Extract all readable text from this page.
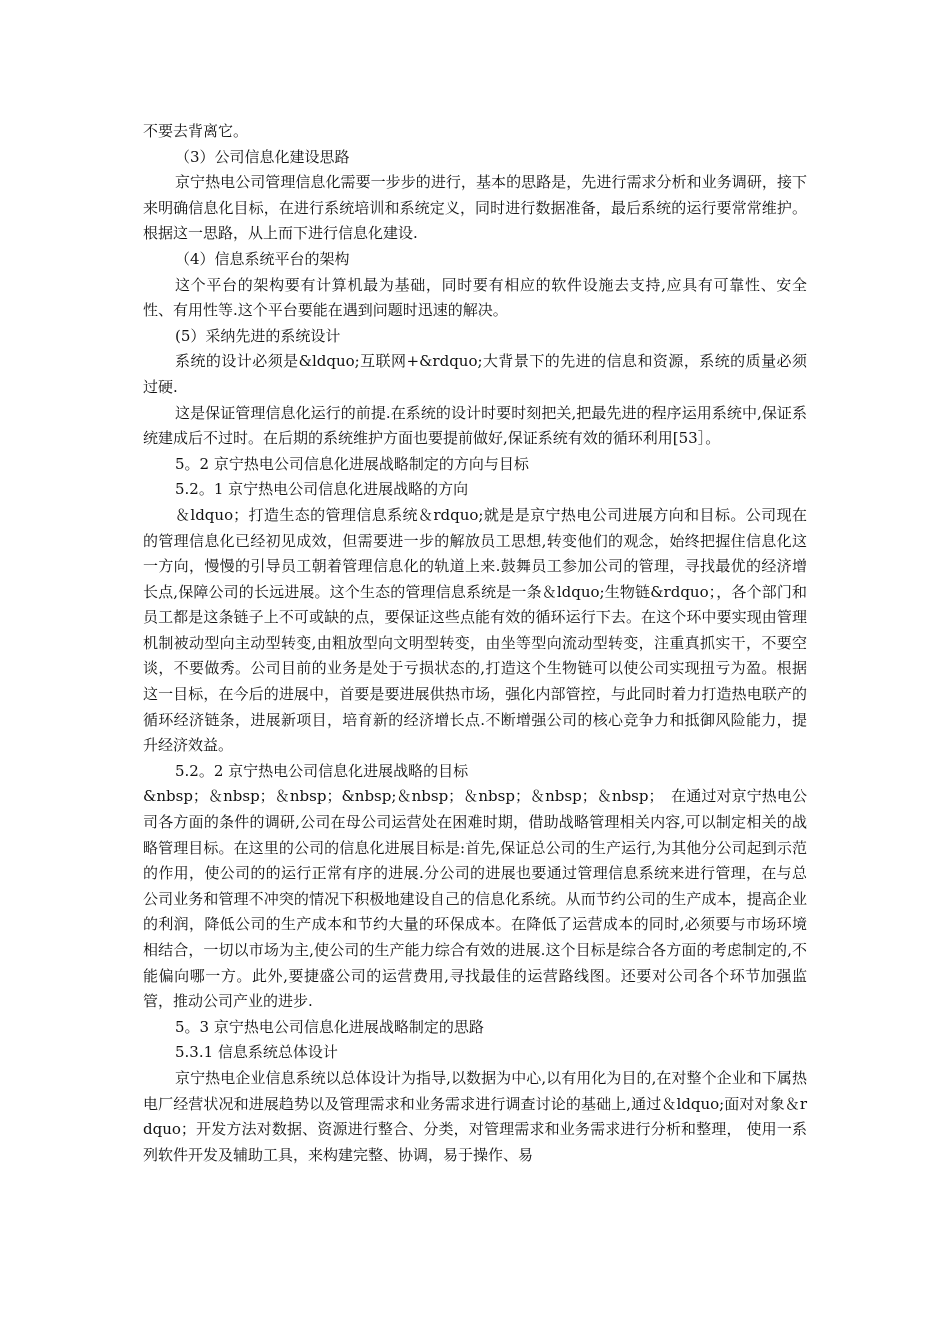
不要去背离它。

（3）公司信息化建设思路

京宁热电公司管理信息化需要一步步的进行，基本的思路是，先进行需求分析和业务调研，接下来明确信息化目标，在进行系统培训和系统定义，同时进行数据准备，最后系统的运行要常常维护。根据这一思路，从上而下进行信息化建设.

（4）信息系统平台的架构

这个平台的架构要有计算机最为基础，同时要有相应的软件设施去支持,应具有可靠性、安全性、有用性等.这个平台要能在遇到问题时迅速的解决。

(5）采纳先进的系统设计

系统的设计必须是&ldquo;互联网+&rdquo;大背景下的先进的信息和资源，系统的质量必须过硬.

这是保证管理信息化运行的前提.在系统的设计时要时刻把关,把最先进的程序运用系统中,保证系统建成后不过时。在后期的系统维护方面也要提前做好,保证系统有效的循环利用[53］。

5。2 京宁热电公司信息化进展战略制定的方向与目标

5.2。1 京宁热电公司信息化进展战略的方向

＆ldquo；打造生态的管理信息系统＆rdquo;就是是京宁热电公司进展方向和目标。公司现在的管理信息化已经初见成效，但需要进一步的解放员工思想,转变他们的观念，始终把握住信息化这一方向，慢慢的引导员工朝着管理信息化的轨道上来.鼓舞员工参加公司的管理，寻找最优的经济增长点,保障公司的长远进展。这个生态的管理信息系统是一条＆ldquo;生物链&rdquo；，各个部门和员工都是这条链子上不可或缺的点，要保证这些点能有效的循环运行下去。在这个环中要实现由管理机制被动型向主动型转变,由粗放型向文明型转变，由坐等型向流动型转变，注重真抓实干，不要空谈，不要做秀。公司目前的业务是处于亏损状态的,打造这个生物链可以使公司实现扭亏为盈。根据这一目标，在今后的进展中，首要是要进展供热市场，强化内部管控，与此同时着力打造热电联产的循环经济链条，进展新项目，培育新的经济增长点.不断增强公司的核心竞争力和抵御风险能力，提升经济效益。

5.2。2 京宁热电公司信息化进展战略的目标

&nbsp；＆nbsp；＆nbsp；&nbsp;＆nbsp；＆nbsp；＆nbsp；＆nbsp；　在通过对京宁热电公司各方面的条件的调研,公司在母公司运营处在困难时期，借助战略管理相关内容,可以制定相关的战略管理目标。在这里的公司的信息化进展目标是:首先,保证总公司的生产运行,为其他分公司起到示范的作用，使公司的的运行正常有序的进展.分公司的进展也要通过管理信息系统来进行管理，在与总公司业务和管理不冲突的情况下积极地建设自己的信息化系统。从而节约公司的生产成本，提高企业的利润，降低公司的生产成本和节约大量的环保成本。在降低了运营成本的同时,必须要与市场环境相结合，一切以市场为主,使公司的生产能力综合有效的进展.这个目标是综合各方面的考虑制定的,不能偏向哪一方。此外,要捷盛公司的运营费用,寻找最佳的运营路线图。还要对公司各个环节加强监管，推动公司产业的进步.

5。3 京宁热电公司信息化进展战略制定的思路

5.3.1 信息系统总体设计

京宁热电企业信息系统以总体设计为指导,以数据为中心,以有用化为目的,在对整个企业和下属热电厂经营状况和进展趋势以及管理需求和业务需求进行调查讨论的基础上,通过＆ldquo;面对对象＆rdquo；开发方法对数据、资源进行整合、分类，对管理需求和业务需求进行分析和整理， 使用一系列软件开发及辅助工具，来构建完整、协调，易于操作、易
